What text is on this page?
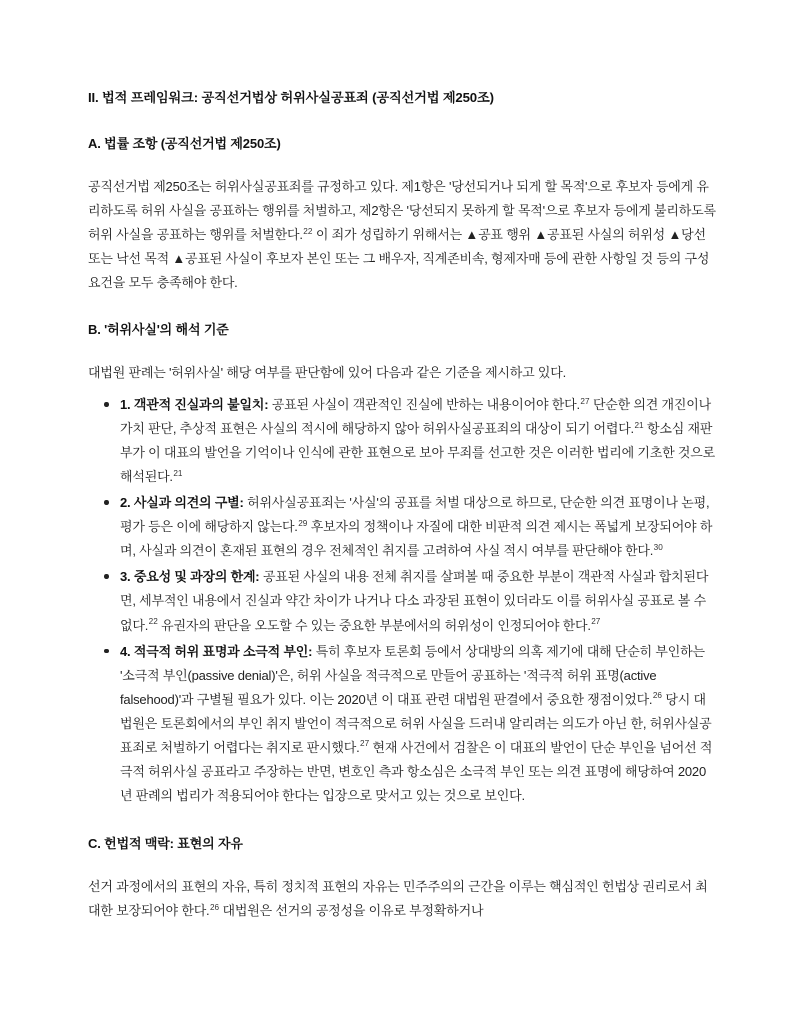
II. 법적 프레임워크: 공직선거법상 허위사실공표죄 (공직선거법 제250조)
A. 법률 조항 (공직선거법 제250조)

공직선거법 제250조는 허위사실공표죄를 규정하고 있다. 제1항은 '당선되거나 되게 할 목적'으로 후보자 등에게 유리하도록 허위 사실을 공표하는 행위를 처벌하고, 제2항은 '당선되지 못하게 할 목적'으로 후보자 등에게 불리하도록 허위 사실을 공표하는 행위를 처벌한다.$^{22}$ 이 죄가 성립하기 위해서는 ▲공표 행위 ▲공표된 사실의 허위성 ▲당선 또는 낙선 목적 ▲공표된 사실이 후보자 본인 또는 그 배우자, 직계존비속, 형제자매 등에 관한 사항일 것 등의 구성요건을 모두 충족해야 한다.

B. '허위사실'의 해석 기준

대법원 판례는 '허위사실' 해당 여부를 판단함에 있어 다음과 같은 기준을 제시하고 있다.

1. 객관적 진실과의 불일치: 공표된 사실이 객관적인 진실에 반하는 내용이어야 한다.$^{27}$ 단순한 의견 개진이나 가치 판단, 추상적 표현은 사실의 적시에 해당하지 않아 허위사실공표죄의 대상이 되기 어렵다.$^{21}$ 항소심 재판부가 이 대표의 발언을 기억이나 인식에 관한 표현으로 보아 무죄를 선고한 것은 이러한 법리에 기초한 것으로 해석된다.$^{21}$
2. 사실과 의견의 구별: 허위사실공표죄는 '사실'의 공표를 처벌 대상으로 하므로, 단순한 의견 표명이나 논평, 평가 등은 이에 해당하지 않는다.$^{29}$ 후보자의 정책이나 자질에 대한 비판적 의견 제시는 폭넓게 보장되어야 하며, 사실과 의견이 혼재된 표현의 경우 전체적인 취지를 고려하여 사실 적시 여부를 판단해야 한다.$^{30}$
3. 중요성 및 과장의 한계: 공표된 사실의 내용 전체 취지를 살펴볼 때 중요한 부분이 객관적 사실과 합치된다면, 세부적인 내용에서 진실과 약간 차이가 나거나 다소 과장된 표현이 있더라도 이를 허위사실 공표로 볼 수 없다.$^{22}$ 유권자의 판단을 오도할 수 있는 중요한 부분에서의 허위성이 인정되어야 한다.$^{27}$
4. 적극적 허위 표명과 소극적 부인: 특히 후보자 토론회 등에서 상대방의 의혹 제기에 대해 단순히 부인하는 '소극적 부인(passive denial)'은, 허위 사실을 적극적으로 만들어 공표하는 '적극적 허위 표명(active falsehood)'과 구별될 필요가 있다. 이는 2020년 이 대표 관련 대법원 판결에서 중요한 쟁점이었다.$^{26}$ 당시 대법원은 토론회에서의 부인 취지 발언이 적극적으로 허위 사실을 드러내 알리려는 의도가 아닌 한, 허위사실공표죄로 처벌하기 어렵다는 취지로 판시했다.$^{27}$ 현재 사건에서 검찰은 이 대표의 발언이 단순 부인을 넘어선 적극적 허위사실 공표라고 주장하는 반면, 변호인 측과 항소심은 소극적 부인 또는 의견 표명에 해당하여 2020년 판례의 법리가 적용되어야 한다는 입장으로 맞서고 있는 것으로 보인다.
C. 헌법적 맥락: 표현의 자유

선거 과정에서의 표현의 자유, 특히 정치적 표현의 자유는 민주주의의 근간을 이루는 핵심적인 헌법상 권리로서 최대한 보장되어야 한다.$^{26}$ 대법원은 선거의 공정성을 이유로 부정확하거나
